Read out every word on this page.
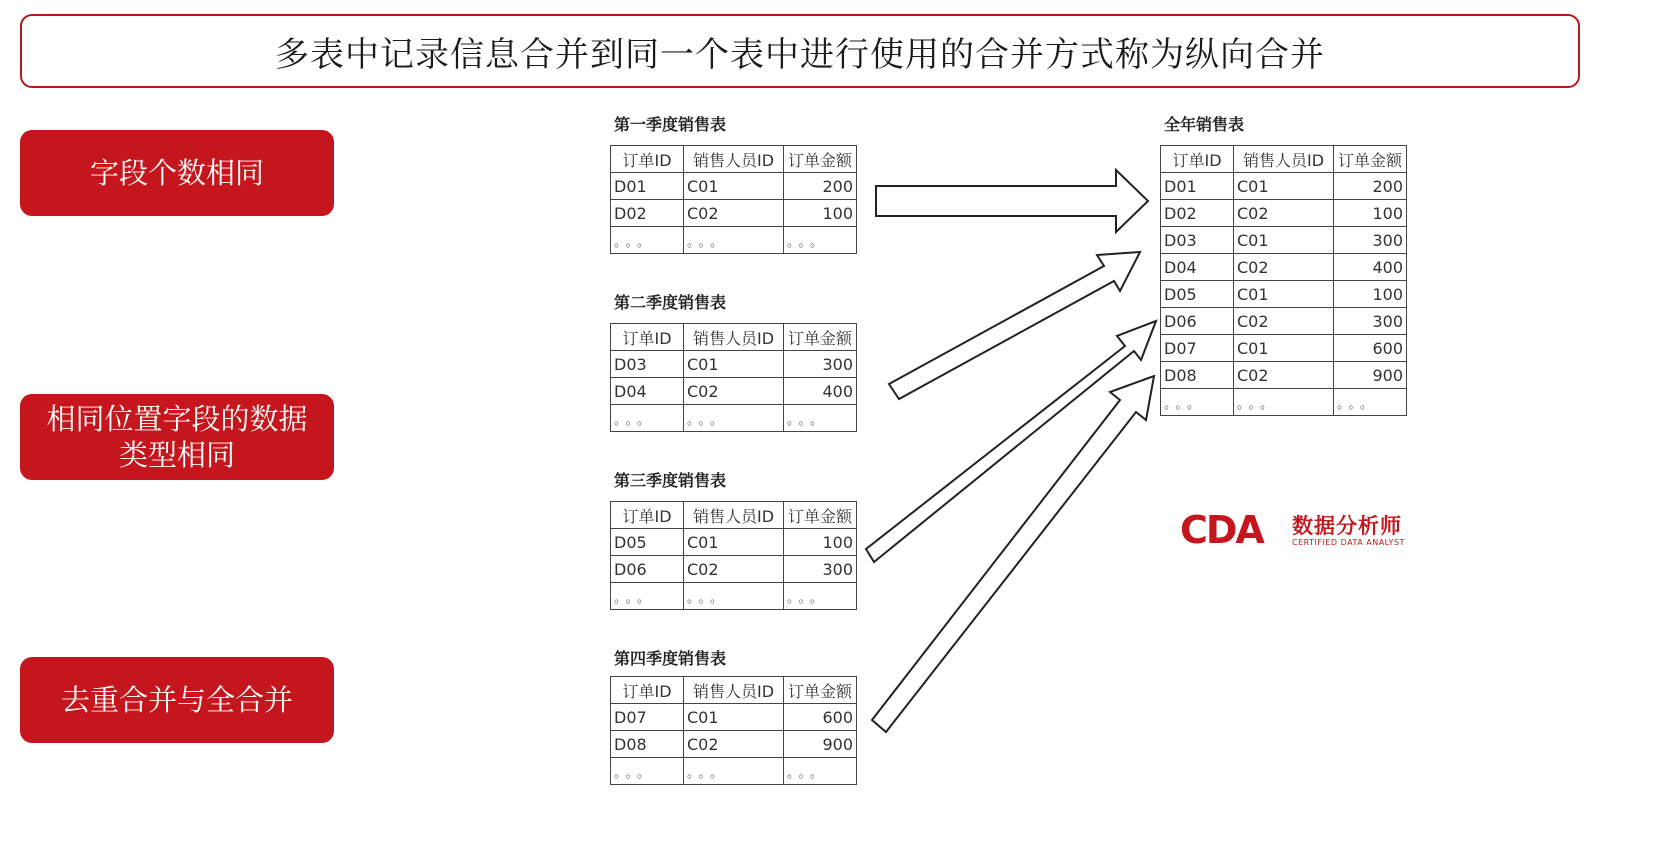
多表中记录信息合并到同一个表中进行使用的合并方式称为纵向合并
字段个数相同
相同位置字段的数据类型相同
去重合并与全合并
第一季度销售表
订单ID	销售人员ID	订单金额
D01	C01	200
D02	C02	100
。。。	。。。	。。。
第二季度销售表
订单ID	销售人员ID	订单金额
D03	C01	300
D04	C02	400
。。。	。。。	。。。
第三季度销售表
订单ID	销售人员ID	订单金额
D05	C01	100
D06	C02	300
。。。	。。。	。。。
第四季度销售表
订单ID	销售人员ID	订单金额
D07	C01	600
D08	C02	900
。。。	。。。	。。。
全年销售表
订单ID	销售人员ID	订单金额
D01	C01	200
D02	C02	100
D03	C01	300
D04	C02	400
D05	C01	100
D06	C02	300
D07	C01	600
D08	C02	900
。。。	。。。	。。。
CDA 数据分析师
CERTIFIED DATA ANALYST
